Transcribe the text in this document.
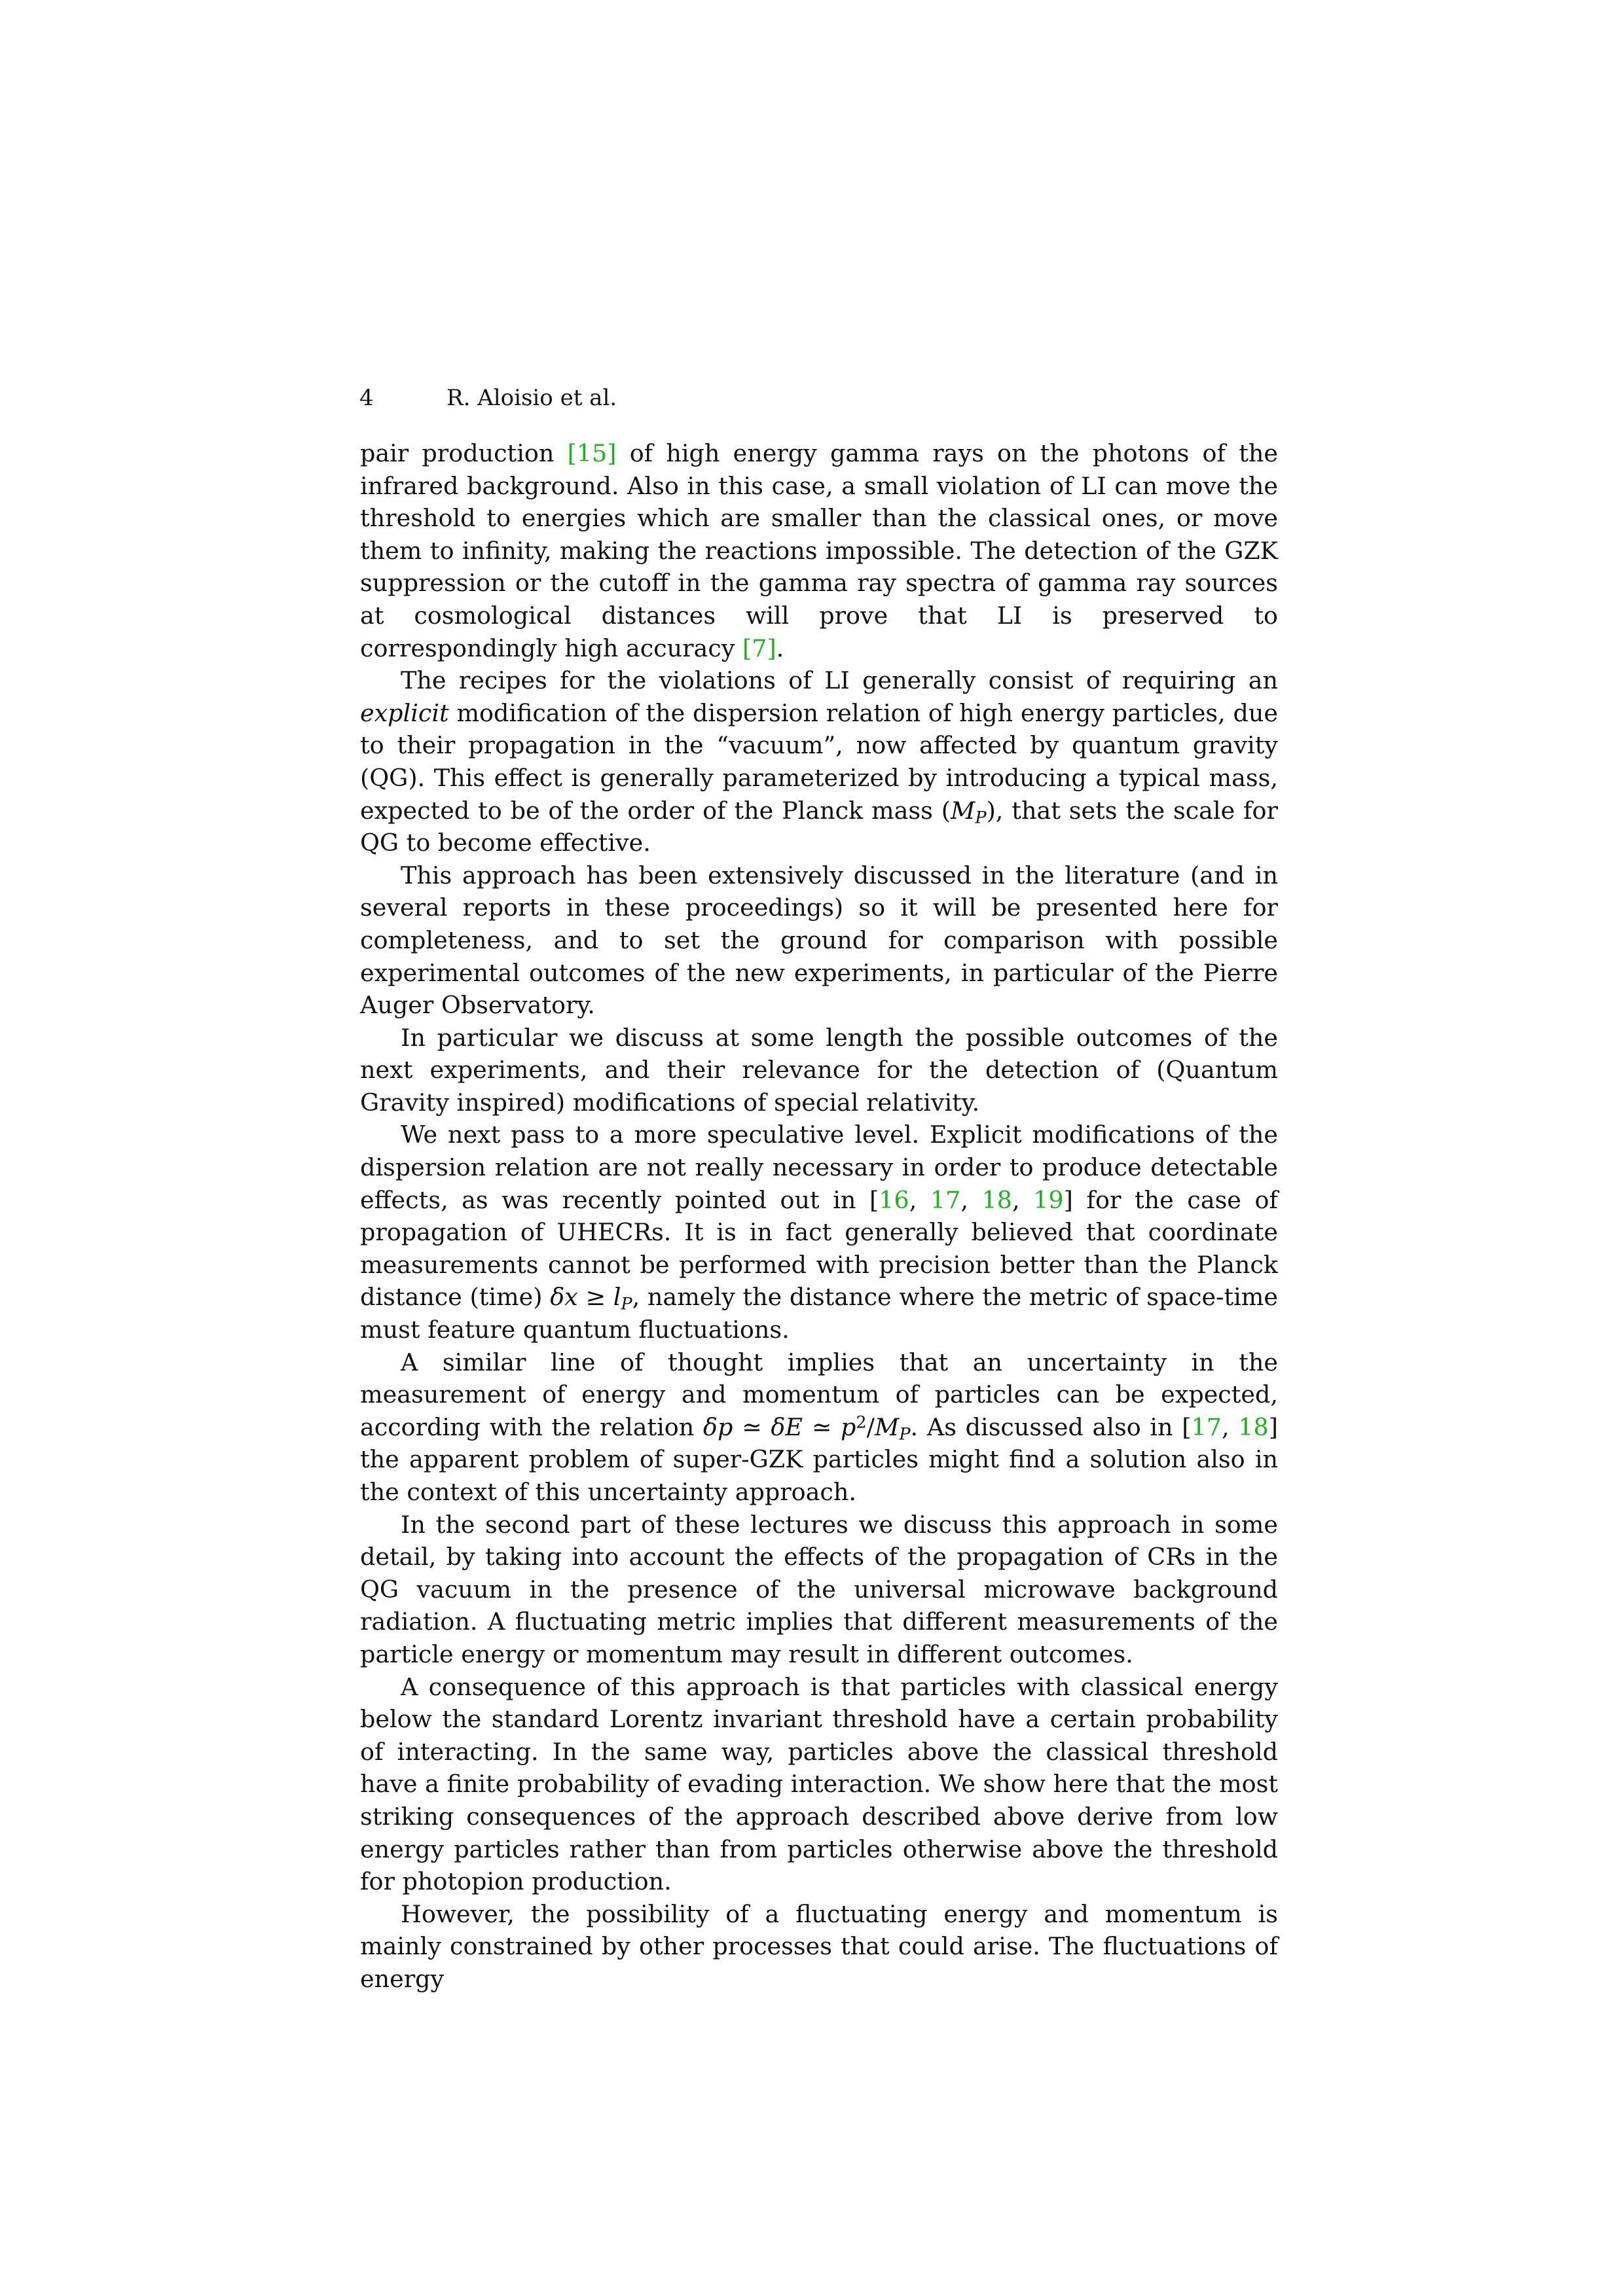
4	R. Aloisio et al.

pair production [15] of high energy gamma rays on the photons of the infrared background. Also in this case, a small violation of LI can move the threshold to energies which are smaller than the classical ones, or move them to infinity, making the reactions impossible. The detection of the GZK suppression or the cutoff in the gamma ray spectra of gamma ray sources at cosmological distances will prove that LI is preserved to correspondingly high accuracy [7].

The recipes for the violations of LI generally consist of requiring an explicit modification of the dispersion relation of high energy particles, due to their propagation in the “vacuum”, now affected by quantum gravity (QG). This effect is generally parameterized by introducing a typical mass, expected to be of the order of the Planck mass $(M_P)$, that sets the scale for QG to become effective.

This approach has been extensively discussed in the literature (and in several reports in these proceedings) so it will be presented here for completeness, and to set the ground for comparison with possible experimental outcomes of the new experiments, in particular of the Pierre Auger Observatory.

In particular we discuss at some length the possible outcomes of the next experiments, and their relevance for the detection of (Quantum Gravity inspired) modifications of special relativity.

We next pass to a more speculative level. Explicit modifications of the dispersion relation are not really necessary in order to produce detectable effects, as was recently pointed out in [16, 17, 18, 19] for the case of propagation of UHECRs. It is in fact generally believed that coordinate measurements cannot be performed with precision better than the Planck distance (time) $\delta x \ge l_P$, namely the distance where the metric of space-time must feature quantum fluctuations.

A similar line of thought implies that an uncertainty in the measurement of energy and momentum of particles can be expected, according with the relation δp ≃ δE ≃ $p^2/M_P$. As discussed also in [17, 18] the apparent problem of super-GZK particles might find a solution also in the context of this uncertainty approach.

In the second part of these lectures we discuss this approach in some detail, by taking into account the effects of the propagation of CRs in the QG vacuum in the presence of the universal microwave background radiation. A fluctuating metric implies that different measurements of the particle energy or momentum may result in different outcomes.

A consequence of this approach is that particles with classical energy below the standard Lorentz invariant threshold have a certain probability of interacting. In the same way, particles above the classical threshold have a finite probability of evading interaction. We show here that the most striking consequences of the approach described above derive from low energy particles rather than from particles otherwise above the threshold for photopion production.

However, the possibility of a fluctuating energy and momentum is mainly constrained by other processes that could arise. The fluctuations of energy
